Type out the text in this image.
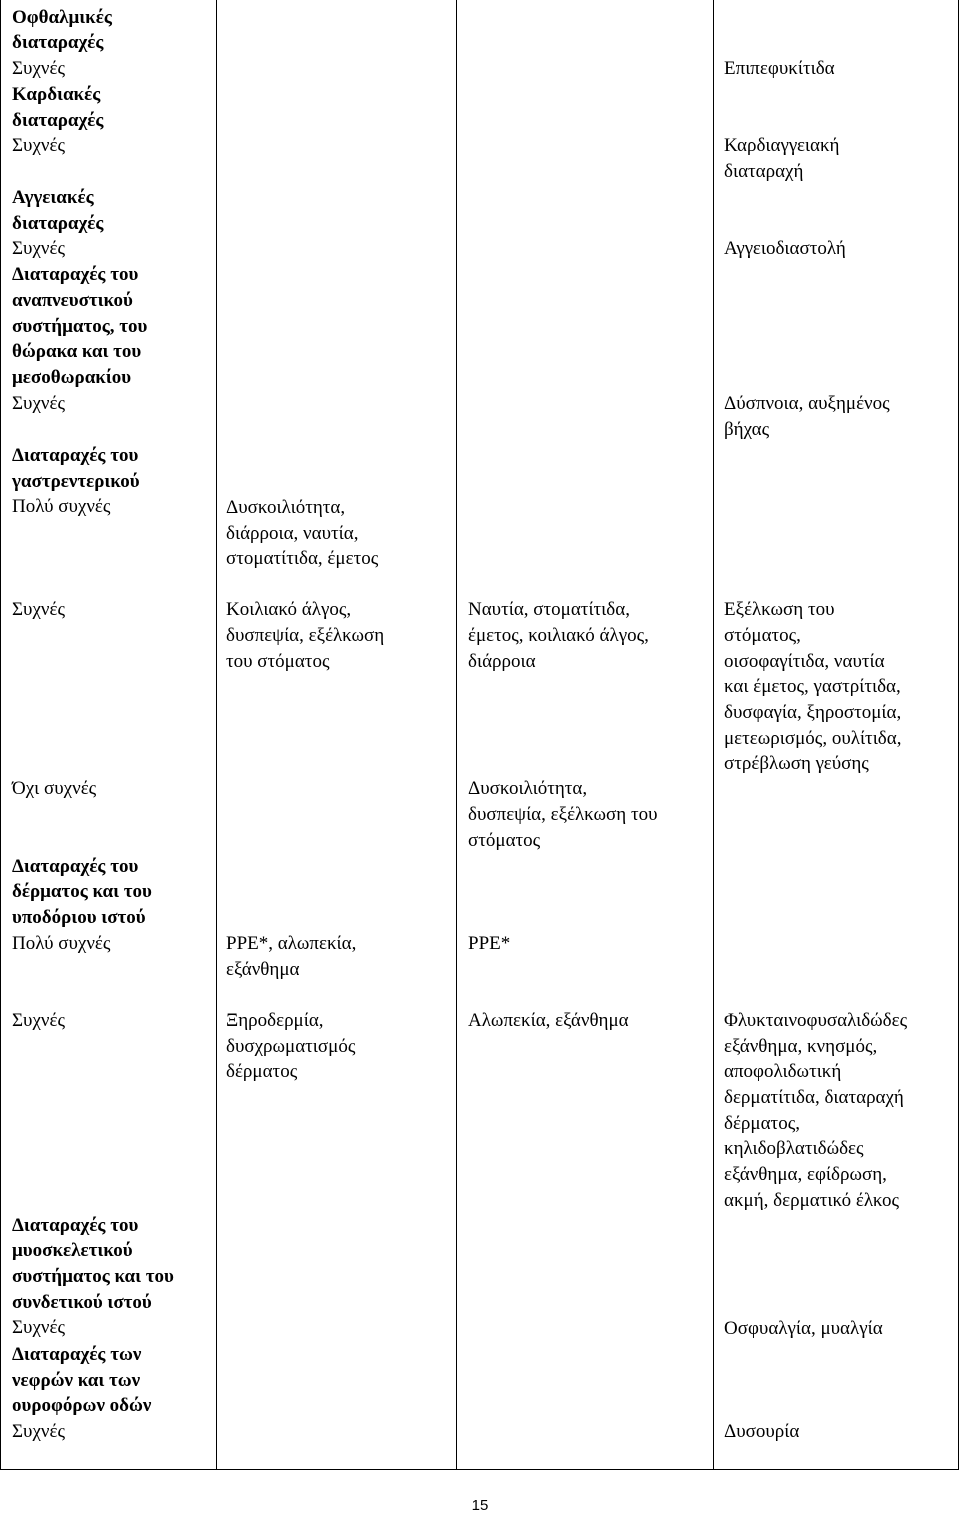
Οφθαλμικές
διαταραχές
Συχνές
Καρδιακές
διαταραχές
Συχνές
Αγγειακές
διαταραχές
Συχνές
Διαταραχές του
αναπνευστικού
συστήματος, του
θώρακα και του
μεσοθωρακίου
Συχνές
Διαταραχές του
γαστρεντερικού
Πολύ συχνές
Συχνές
Όχι συχνές
Διαταραχές του
δέρματος και του
υποδόριου ιστού
Πολύ συχνές
Συχνές
Διαταραχές του
μυοσκελετικού
συστήματος και του
συνδετικού ιστού
Συχνές
Διαταραχές των
νεφρών και των
ουροφόρων οδών
Συχνές
Δυσκοιλιότητα,
διάρροια, ναυτία,
στοματίτιδα, έμετος
Κοιλιακό άλγος,
δυσπεψία, εξέλκωση
του στόματος
PPE*, αλωπεκία,
εξάνθημα
Ξηροδερμία,
δυσχρωματισμός
δέρματος
Ναυτία, στοματίτιδα,
έμετος, κοιλιακό άλγος,
διάρροια
Δυσκοιλιότητα,
δυσπεψία, εξέλκωση του
στόματος
PPE*
Αλωπεκία, εξάνθημα
Επιπεφυκίτιδα
Καρδιαγγειακή
διαταραχή
Αγγειοδιαστολή
Δύσπνοια, αυξημένος
βήχας
Εξέλκωση του
στόματος,
οισοφαγίτιδα, ναυτία
και έμετος, γαστρίτιδα,
δυσφαγία, ξηροστομία,
μετεωρισμός, ουλίτιδα,
στρέβλωση γεύσης
Φλυκταινοφυσαλιδώδες
εξάνθημα, κνησμός,
αποφολιδωτική
δερματίτιδα, διαταραχή
δέρματος,
κηλιδοβλατιδώδες
εξάνθημα, εφίδρωση,
ακμή, δερματικό έλκος
Οσφυαλγία, μυαλγία
Δυσουρία
15
